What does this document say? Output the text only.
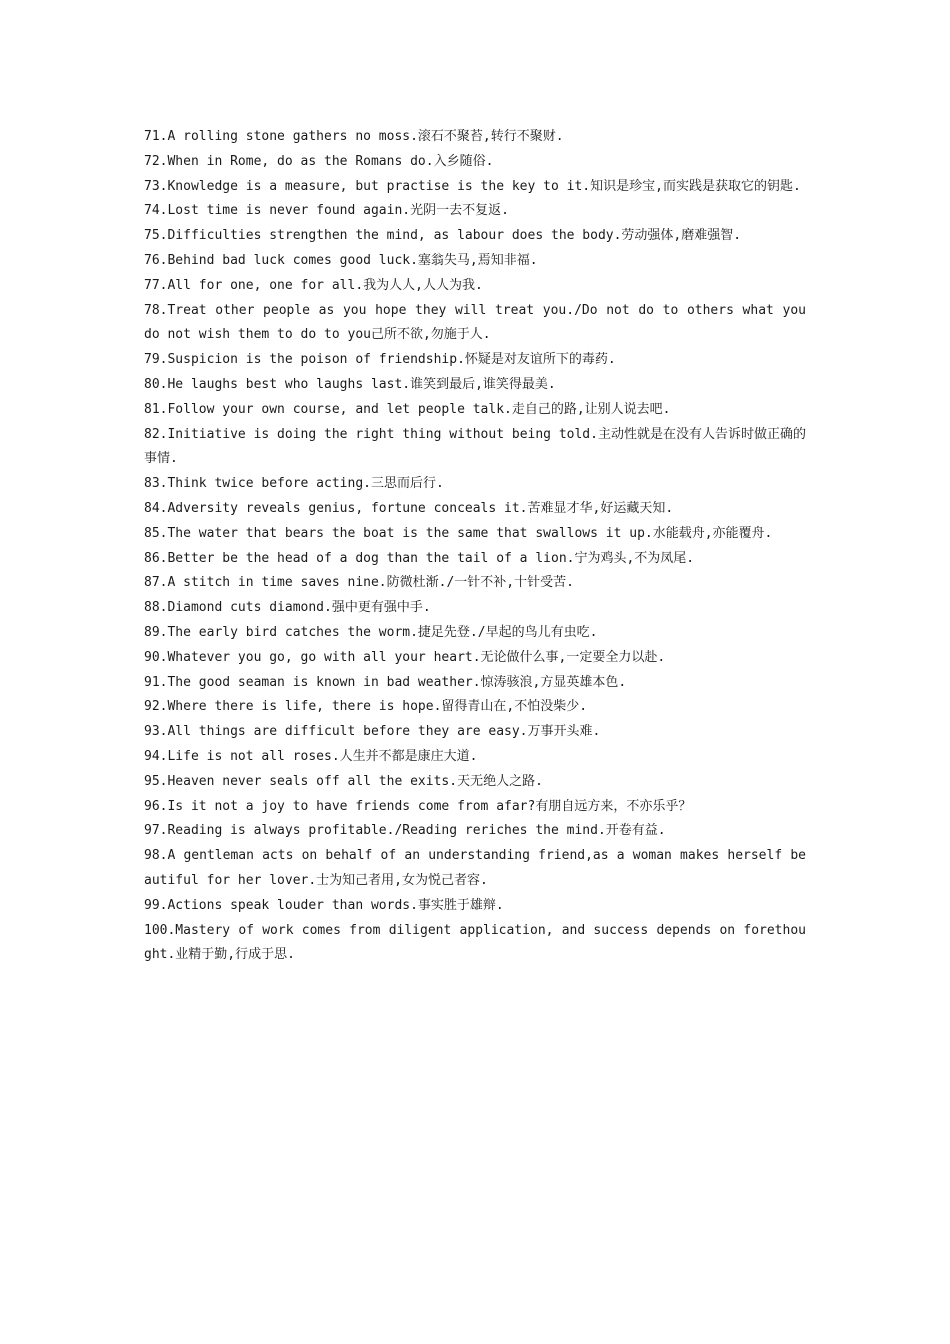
71.A rolling stone gathers no moss.滚石不聚苔,转行不聚财.

72.When in Rome, do as the Romans do.入乡随俗.

73.Knowledge is a measure, but practise is the key to it.知识是珍宝,而实践是获取它的钥匙.

74.Lost time is never found again.光阴一去不复返.

75.Difficulties strengthen the mind, as labour does the body.劳动强体,磨难强智.

76.Behind bad luck comes good luck.塞翁失马,焉知非福.

77.All for one, one for all.我为人人,人人为我.

78.Treat other people as you hope they will treat you./Do not do to others what you do not wish them to do to you己所不欲,勿施于人.

79.Suspicion is the poison of friendship.怀疑是对友谊所下的毒药.

80.He laughs best who laughs last.谁笑到最后,谁笑得最美.

81.Follow your own course, and let people talk.走自己的路,让别人说去吧.

82.Initiative is doing the right thing without being told.主动性就是在没有人告诉时做正确的事情.

83.Think twice before acting.三思而后行.

84.Adversity reveals genius, fortune conceals it.苦难显才华,好运藏天知.

85.The water that bears the boat is the same that swallows it up.水能载舟,亦能覆舟.

86.Better be the head of a dog than the tail of a lion.宁为鸡头,不为凤尾.

87.A stitch in time saves nine.防微杜渐./一针不补,十针受苦.

88.Diamond cuts diamond.强中更有强中手.

89.The early bird catches the worm.捷足先登./早起的鸟儿有虫吃.

90.Whatever you go, go with all your heart.无论做什么事,一定要全力以赴.

91.The good seaman is known in bad weather.惊涛骇浪,方显英雄本色.

92.Where there is life, there is hope.留得青山在,不怕没柴少.

93.All things are difficult before they are easy.万事开头难.

94.Life is not all roses.人生并不都是康庄大道.

95.Heaven never seals off all the exits.天无绝人之路.

96.Is it not a joy to have friends come from afar?有朋自远方来，不亦乐乎？

97.Reading is always profitable./Reading reriches the mind.开卷有益.

98.A gentleman acts on behalf of an understanding friend,as a woman makes herself beautiful for her lover.士为知己者用,女为悦己者容.

99.Actions speak louder than words.事实胜于雄辩.

100.Mastery of work comes from diligent application, and success depends on forethought.业精于勤,行成于思.
